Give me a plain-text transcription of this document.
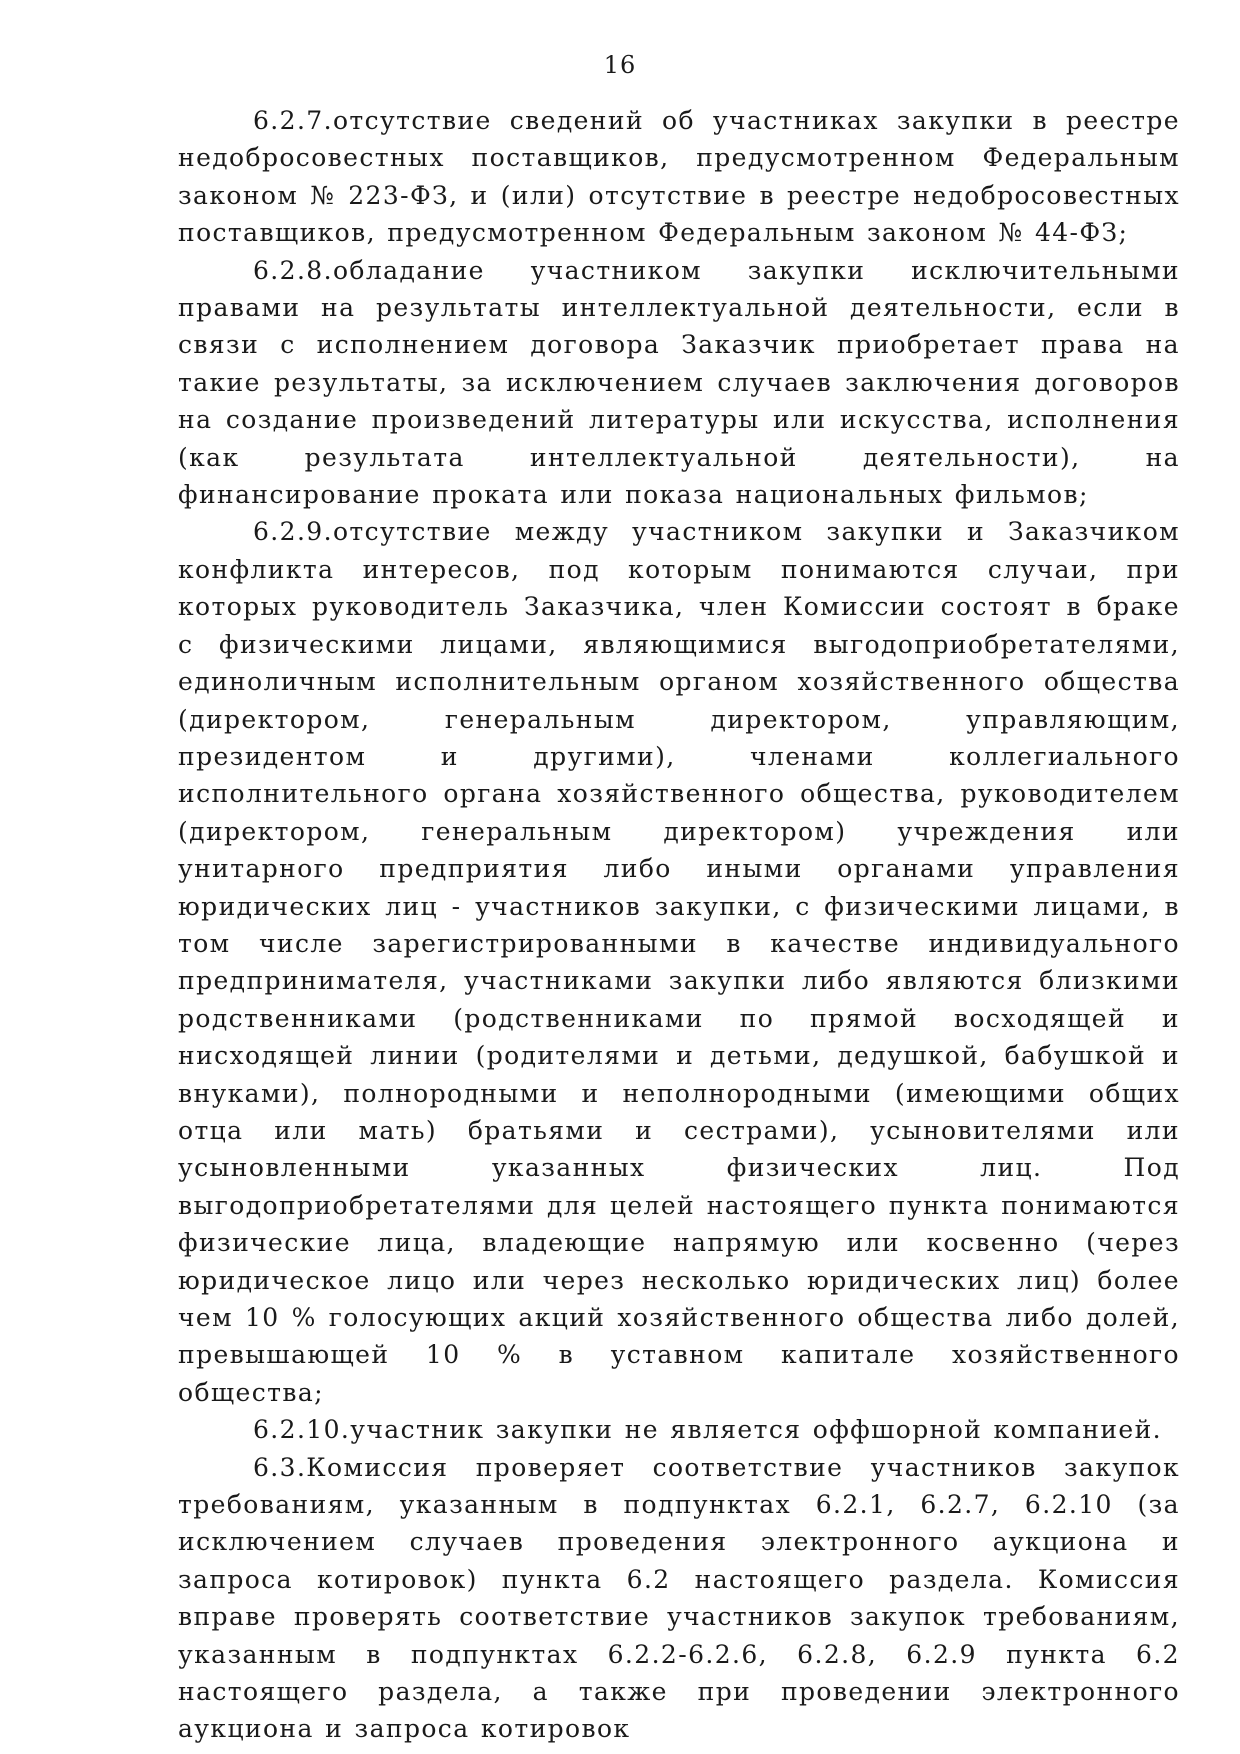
16

6.2.7.отсутствие сведений об участниках закупки в реестре недобросовестных поставщиков, предусмотренном Федеральным законом № 223-ФЗ, и (или) отсутствие в реестре недобросовестных поставщиков, предусмотренном Федеральным законом № 44-ФЗ;

6.2.8.обладание участником закупки исключительными правами на результаты интеллектуальной деятельности, если в связи с исполнением договора Заказчик приобретает права на такие результаты, за исключением случаев заключения договоров на создание произведений литературы или искусства, исполнения (как результата интеллектуальной деятельности), на финансирование проката или показа национальных фильмов;

6.2.9.отсутствие между участником закупки и Заказчиком конфликта интересов, под которым понимаются случаи, при которых руководитель Заказчика, член Комиссии состоят в браке с физическими лицами, являющимися выгодоприобретателями, единоличным исполнительным органом хозяйственного общества (директором, генеральным директором, управляющим, президентом и другими), членами коллегиального исполнительного органа хозяйственного общества, руководителем (директором, генеральным директором) учреждения или унитарного предприятия либо иными органами управления юридических лиц - участников закупки, с физическими лицами, в том числе зарегистрированными в качестве индивидуального предпринимателя, участниками закупки либо являются близкими родственниками (родственниками по прямой восходящей и нисходящей линии (родителями и детьми, дедушкой, бабушкой и внуками), полнородными и неполнородными (имеющими общих отца или мать) братьями и сестрами), усыновителями или усыновленными указанных физических лиц. Под выгодоприобретателями для целей настоящего пункта понимаются физические лица, владеющие напрямую или косвенно (через юридическое лицо или через несколько юридических лиц) более чем 10 % голосующих акций хозяйственного общества либо долей, превышающей 10 % в уставном капитале хозяйственного общества;

6.2.10.участник закупки не является оффшорной компанией.

6.3.Комиссия проверяет соответствие участников закупок требованиям, указанным в подпунктах 6.2.1, 6.2.7, 6.2.10 (за исключением случаев проведения электронного аукциона и запроса котировок) пункта 6.2 настоящего раздела. Комиссия вправе проверять соответствие участников закупок требованиям, указанным в подпунктах 6.2.2-6.2.6, 6.2.8, 6.2.9 пункта 6.2 настоящего раздела, а также при проведении электронного аукциона и запроса котировок
